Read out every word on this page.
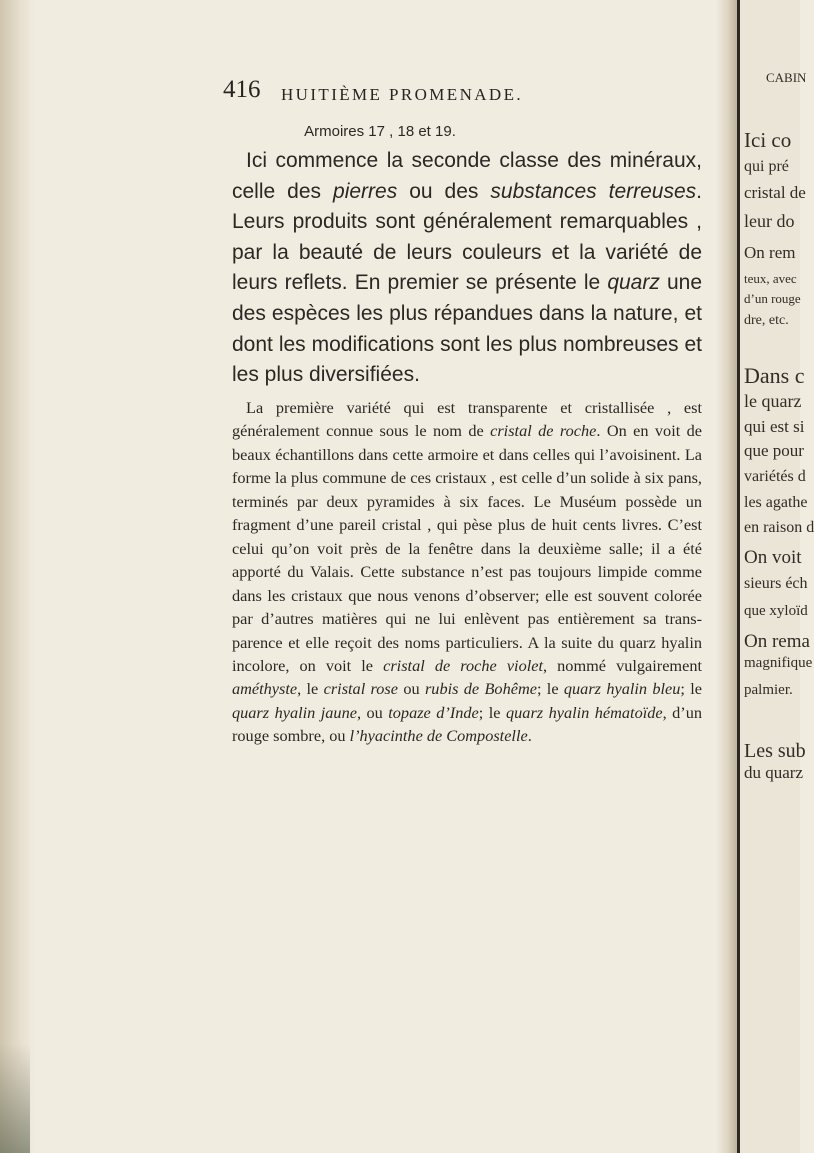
416 HUITIÈME PROMENADE.
Armoires 17 , 18 et 19.
Ici commence la seconde classe des minéraux, celle des pierres ou des substances terreuses. Leurs produits sont généralement remarquables , par la beauté de leurs couleurs et la variété de leurs reflets. En premier se présente le quarz une des espèces les plus répandues dans la nature, et dont les modifications sont les plus nombreuses et les plus diversifiées.
La première variété qui est transparente et cristallisée , est généralement connue sous le nom de cristal de roche. On en voit de beaux échantillons dans cette armoire et dans celles qui l’avoisinent. La forme la plus commune de ces cristaux , est celle d’un solide à six pans, terminés par deux pyramides à six faces. Le Muséum possède un fragment d’une pareil cristal , qui pèse plus de huit cents livres. C’est celui qu’on voit près de la fenêtre dans la deuxième salle; il a été apporté du Valais. Cette substance n’est pas toujours limpide comme dans les cristaux que nous venons d’observer; elle est souvent colorée par d’autres matières qui ne lui enlèvent pas entièrement sa transparence et elle reçoit des noms particuliers. A la suite du quarz hyalin incolore, on voit le cristal de roche violet, nommé vulgairement améthyste, le cristal rose ou rubis de Bohême; le quarz hyalin bleu; le quarz hyalin jaune, ou topaze d’Inde; le quarz hyalin hématoïde, d’un rouge sombre, ou l’hyacinthe de Compostelle.
CABIN
Ici co
qui pré
cristal de
leur do
On rem
teux, avec
d’un rouge
dre, etc.
Dans c
le quarz
qui est si
que pour
variétés d
les agathe
en raison d
On voit
sieurs éch
que xyloïd
On rema
magnifique
palmier.
Les sub
du quarz
